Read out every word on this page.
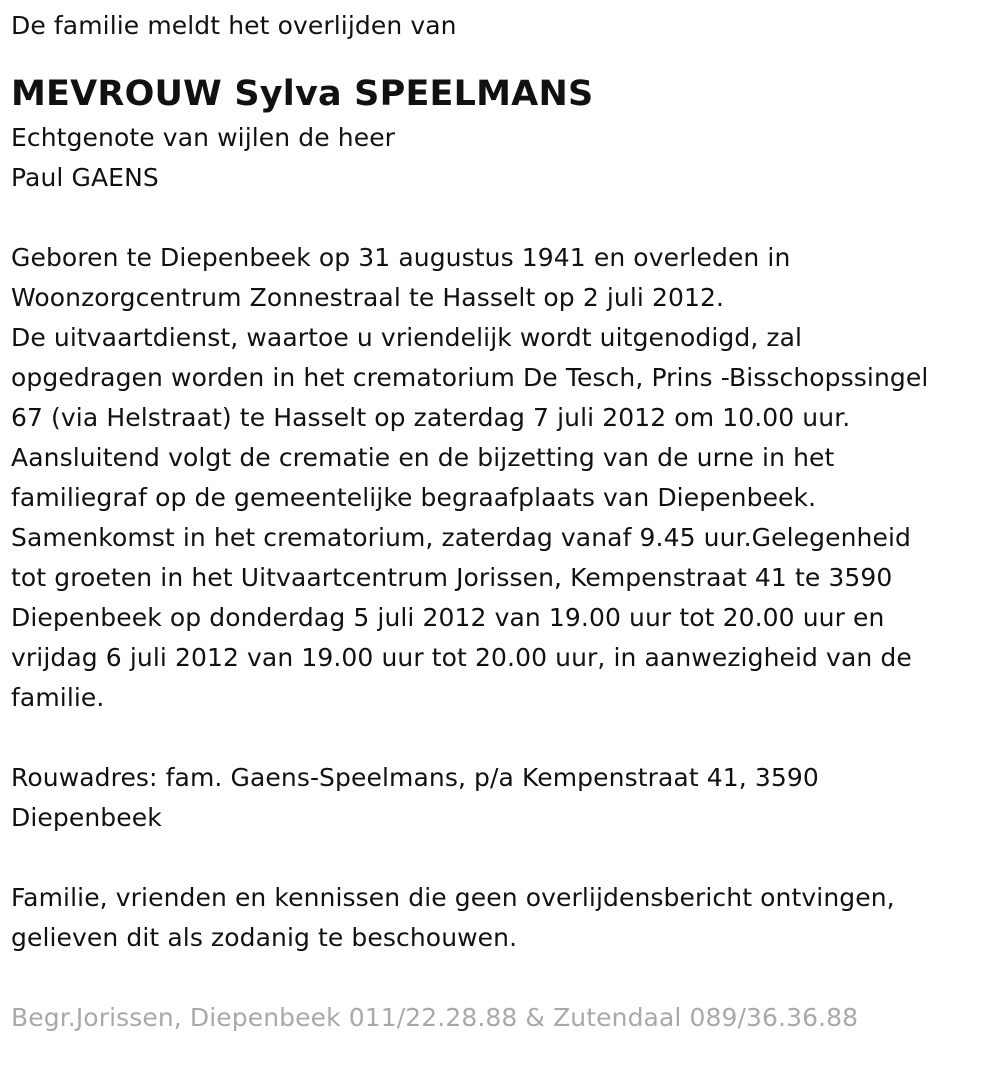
De familie meldt het overlijden van
MEVROUW Sylva SPEELMANS
Echtgenote van wijlen de heer
Paul GAENS
Geboren te Diepenbeek op 31 augustus 1941 en overleden in
Woonzorgcentrum Zonnestraal te Hasselt op 2 juli 2012.
De uitvaartdienst, waartoe u vriendelijk wordt uitgenodigd, zal
opgedragen worden in het crematorium De Tesch, Prins -Bisschopssingel
67 (via Helstraat) te Hasselt op zaterdag 7 juli 2012 om 10.00 uur.
Aansluitend volgt de crematie en de bijzetting van de urne in het
familiegraf op de gemeentelijke begraafplaats van Diepenbeek.
Samenkomst in het crematorium, zaterdag vanaf 9.45 uur.Gelegenheid
tot groeten in het Uitvaartcentrum Jorissen, Kempenstraat 41 te 3590
Diepenbeek op donderdag 5 juli 2012 van 19.00 uur tot 20.00 uur en
vrijdag 6 juli 2012 van 19.00 uur tot 20.00 uur, in aanwezigheid van de
familie.
Rouwadres: fam. Gaens-Speelmans, p/a Kempenstraat 41, 3590
Diepenbeek
Familie, vrienden en kennissen die geen overlijdensbericht ontvingen,
gelieven dit als zodanig te beschouwen.
Begr.Jorissen, Diepenbeek 011/22.28.88 & Zutendaal 089/36.36.88
